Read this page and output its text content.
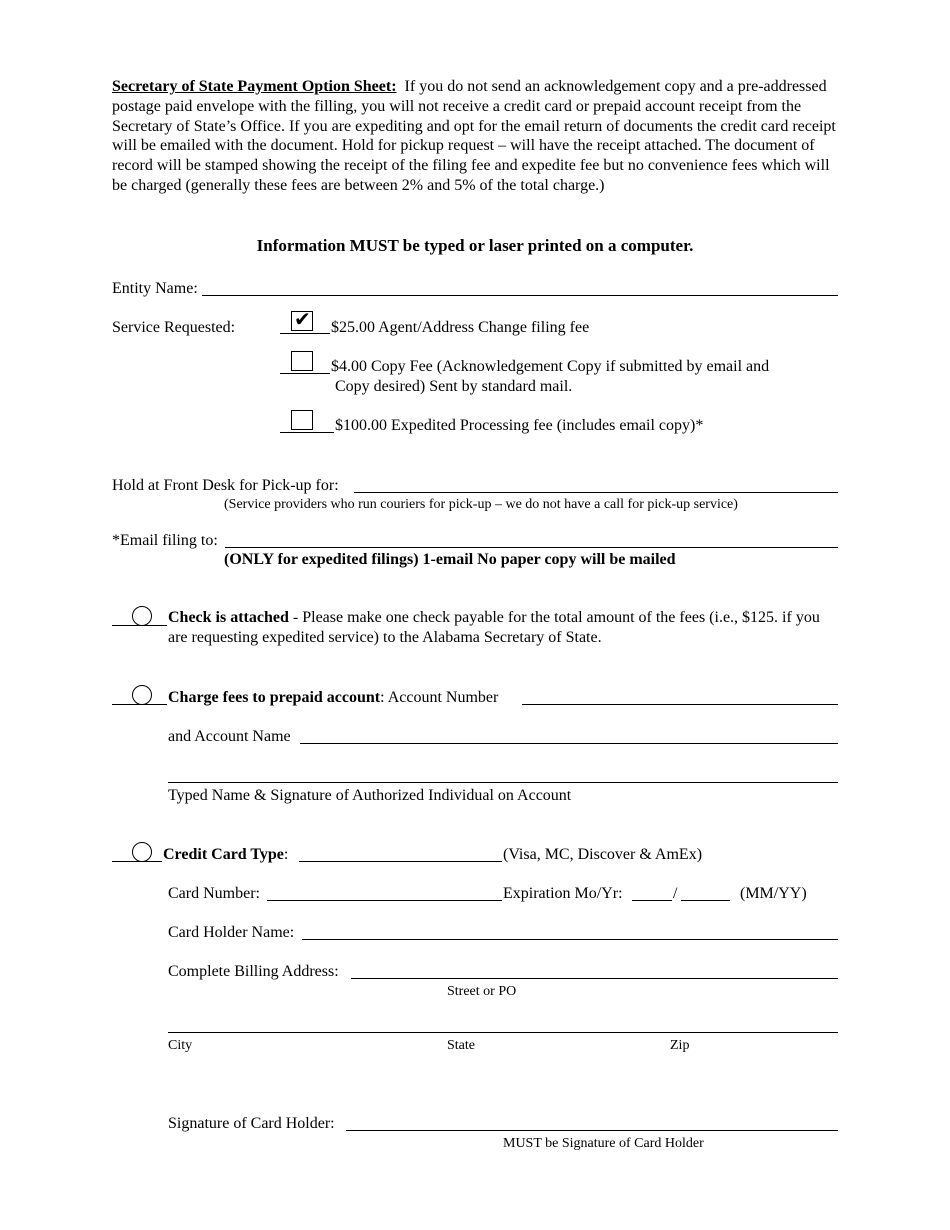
Secretary of State Payment Option Sheet: If you do not send an acknowledgement copy and a pre-addressed postage paid envelope with the filling, you will not receive a credit card or prepaid account receipt from the Secretary of State’s Office. If you are expediting and opt for the email return of documents the credit card receipt will be emailed with the document. Hold for pickup request – will have the receipt attached. The document of record will be stamped showing the receipt of the filing fee and expedite fee but no convenience fees which will be charged (generally these fees are between 2% and 5% of the total charge.)
Information MUST be typed or laser printed on a computer.
Entity Name:
Service Requested:	✔ $25.00 Agent/Address Change filing fee
$4.00 Copy Fee (Acknowledgement Copy if submitted by email and
Copy desired) Sent by standard mail.
$100.00 Expedited Processing fee (includes email copy)*
Hold at Front Desk for Pick-up for:
(Service providers who run couriers for pick-up – we do not have a call for pick-up service)
*Email filing to:
(ONLY for expedited filings) 1-email No paper copy will be mailed
Check is attached - Please make one check payable for the total amount of the fees (i.e., $125. if you are requesting expedited service) to the Alabama Secretary of State.
Charge fees to prepaid account: Account Number
and Account Name
Typed Name & Signature of Authorized Individual on Account
Credit Card Type:	(Visa, MC, Discover & AmEx)
Card Number:	Expiration Mo/Yr:	/	(MM/YY)
Card Holder Name:
Complete Billing Address:
Street or PO
City	State	Zip
Signature of Card Holder:
MUST be Signature of Card Holder
